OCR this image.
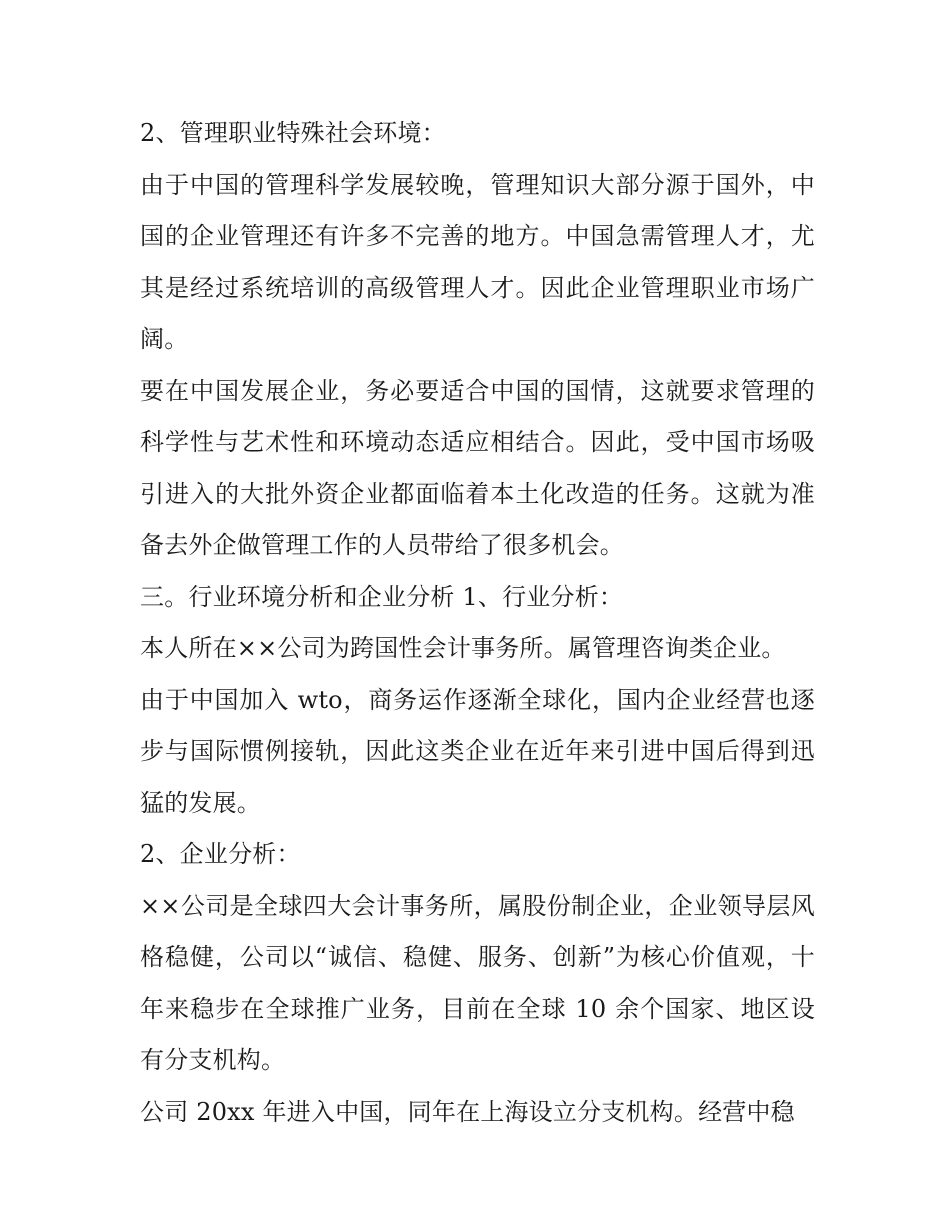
2、管理职业特殊社会环境：

由于中国的管理科学发展较晚，管理知识大部分源于国外，中国的企业管理还有许多不完善的地方。中国急需管理人才，尤其是经过系统培训的高级管理人才。因此企业管理职业市场广阔。

要在中国发展企业，务必要适合中国的国情，这就要求管理的科学性与艺术性和环境动态适应相结合。因此，受中国市场吸引进入的大批外资企业都面临着本土化改造的任务。这就为准备去外企做管理工作的人员带给了很多机会。

三。行业环境分析和企业分析 1、行业分析：

本人所在××公司为跨国性会计事务所。属管理咨询类企业。

由于中国加入 wto，商务运作逐渐全球化，国内企业经营也逐步与国际惯例接轨，因此这类企业在近年来引进中国后得到迅猛的发展。

2、企业分析：

××公司是全球四大会计事务所，属股份制企业，企业领导层风格稳健，公司以“诚信、稳健、服务、创新”为核心价值观，十年来稳步在全球推广业务，目前在全球 10 余个国家、地区设有分支机构。

公司 20xx 年进入中国，同年在上海设立分支机构。经营中稳
